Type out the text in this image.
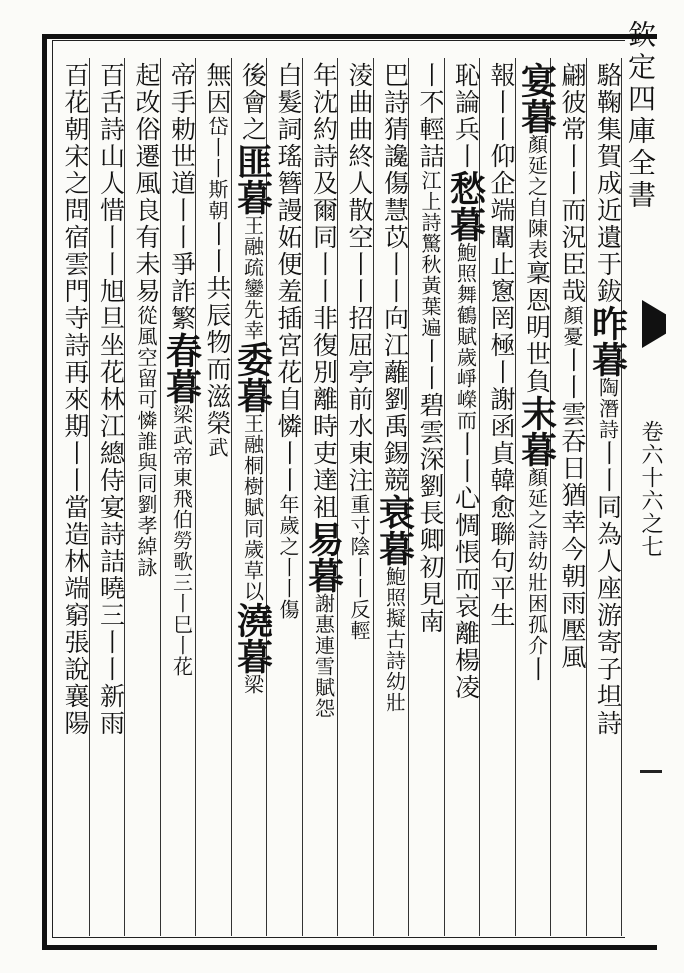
欽定四庫全書
卷六十六之七
駱鞠集賀成近遺于鈸昨暮陶潛詩丨丨同為人座游寄子坦詩
翩彼常丨丨而況臣哉顏憂丨丨雲吞日猶幸今朝雨壓風
宴暮顏延之自陳表稟恩明世負末暮顏延之詩幼壯困孤介丨
報丨丨仰企端闈止窻罔極丨謝函貞韓愈聯句平生
恥論兵丨愁暮鮑照舞鶴賦歲崢嶸而丨丨心惆悵而哀離楊凌
丨不輕詰江上詩驚秋黃葉遍丨丨碧雲深劉長卿初見南
巴詩猜讒傷慧苡丨丨向江蘺劉禹錫競衰暮鮑照擬古詩幼壯
淩曲曲終人散空丨丨招屈亭前水東注重寸陰丨丨反輕
年沈約詩及爾同丨丨非復別離時吏達祖易暮謝惠連雪賦怨
白髮詞瑤簪謾妬便羞插宮花自憐丨丨年歲之丨丨傷
後會之匪暮王融疏鑾先幸委暮王融桐樹賦同歲草以澆暮梁
無因岱丨丨斯朝丨丨共辰物而滋榮武
帝手勅世道丨丨爭詐繁春暮梁武帝東飛伯勞歌三丨巳丨花
起改俗遷風良有未易從風空留可憐誰與同劉孝綽詠
百舌詩山人惜丨丨旭旦坐花林江總侍宴詩詰曉三丨丨新雨
百花朝宋之問宿雲門寺詩再來期丨丨當造林端窮張說襄陽
